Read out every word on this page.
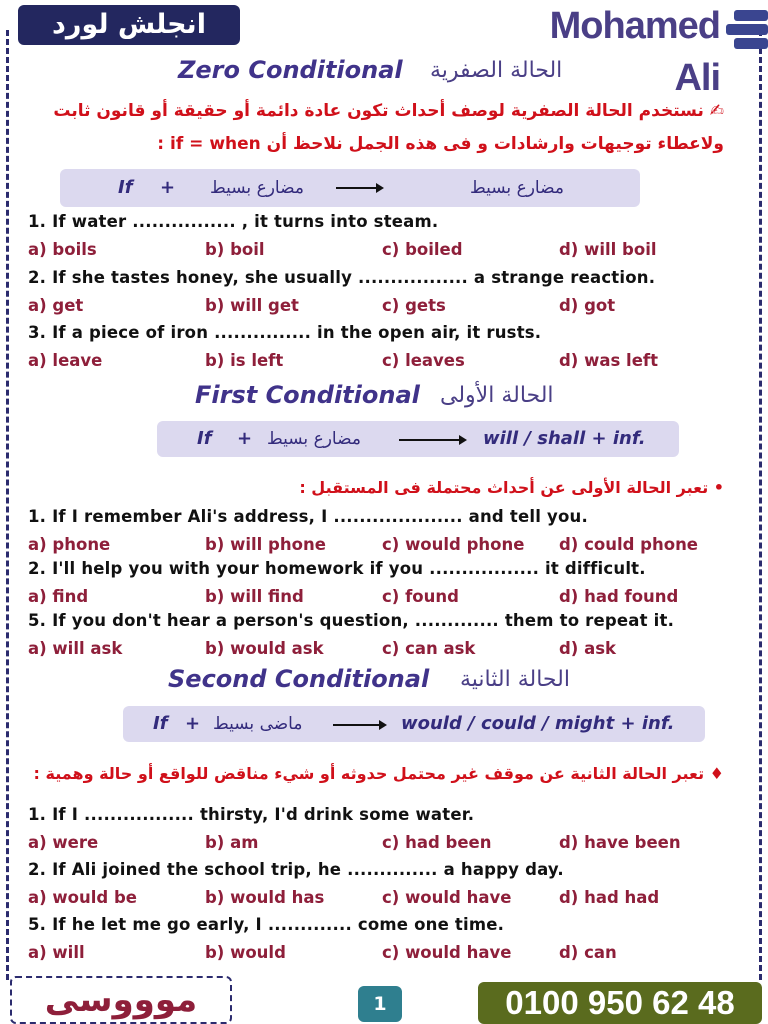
انجلش لورد	Mohamed Ali
Zero Conditional الحالة الصفرية
✍ نستخدم الحالة الصفرية لوصف أحداث تكون عادة دائمة أو حقيقة أو قانون ثابت
ولاعطاء توجيهات وارشادات و فى هذه الجمل نلاحظ أن if = when :
If + مضارع بسيط	مضارع بسيط
1. If water ................ , it turns into steam.
a) boils	b) boil	c) boiled	d) will boil
2. If she tastes honey, she usually ................. a strange reaction.
a) get	b) will get	c) gets	d) got
3. If a piece of iron ............... in the open air, it rusts.
a) leave	b) is left	c) leaves	d) was left
First Conditional الحالة الأولى
If + مضارع بسيط	will / shall + inf.
• تعبر الحالة الأولى عن أحداث محتملة فى المستقبل :
1. If I remember Ali's address, I .................... and tell you.
a) phone	b) will phone	c) would phone d) could phone
2. I'll help you with your homework if you ................. it difficult.
a) find	b) will find	c) found	d) had found
5. If you don't hear a person's question, ............. them to repeat it.
a) will ask	b) would ask	c) can ask	d) ask
Second Conditional الحالة الثانية
If + ماضى بسيط	would / could / might + inf.
♦ تعبر الحالة الثانية عن موقف غير محتمل حدوثه أو شيء مناقض للواقع أو حالة وهمية :
1. If I ................. thirsty, I'd drink some water.
a) were	b) am	c) had been	d) have been
2. If Ali joined the school trip, he .............. a happy day.
a) would be	b) would has	c) would have	d) had had
5. If he let me go early, I ............. come one time.
a) will	b) would	c) would have	d) can
موووسى	1	0100 950 62 48
